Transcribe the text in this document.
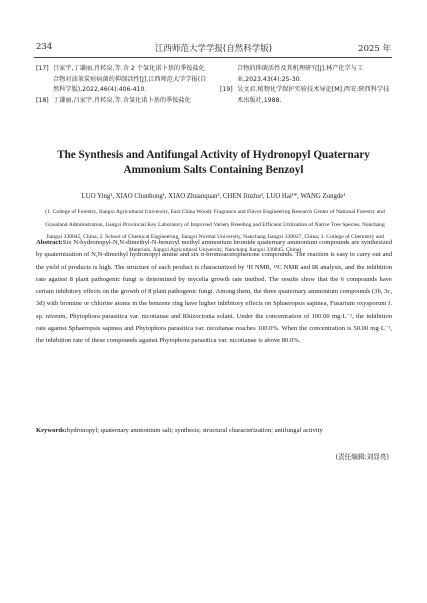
234	江西师范大学学报(自然科学版)	2025 年
[17] 吕家宇,丁谦丽,肖转泉,等.含 2 个氢化诺卜基的季铵盐化合物对油茶炭疽病菌的抑制活性[J].江西师范大学学报(自然科学版),2022,46(4):406-410.
[18] 丁谦丽,吕家宇,肖转泉,等.含氢化诺卜基的季铵盐化
合物的抑菌活性及其机理研究[J].林产化学与工业,2023,43(4):25-30.
[19] 吴文君.植物化学保护实验技术导论[M].西安:陕西科学技术出版社,1988.
The Synthesis and Antifungal Activity of Hydronopyl Quaternary Ammonium Salts Containing Benzoyl
LUO Ying¹, XIAO Chunhong¹, XIAO Zhuanquan², CHEN Jinzhu³, LUO Hai¹*, WANG Zongde¹
(1. College of Forestry, Jiangxi Agricultural University, East China Woody Fragrance and Flavor Engineering Research Center of National Forestry and Grassland Administration, Jiangxi Provincial Key Laboratory of Improved Variety Breeding and Efficient Utilization of Native Tree Species, Nanchang Jiangxi 330045, China; 2. School of Chemical Engineering, Jiangxi Normal University, Nanchang Jiangxi 330027, China; 3. College of Chemistry and Materials, Jiangxi Agricultural University, Nanchang Jiangxi 330045, China)
Abstract:Six N-hydronopyl-N,N-dimethyl-N-benzoyl methyl ammonium bromide quaternary ammonium compounds are synthesized by quaternization of N,N-dimethyl hydronopyl amine and six α-bromoacetophenone compounds. The reaction is easy to carry out and the yield of products is high. The structure of each product is characterized by ¹H NMR, ¹³C NMR and IR analysis, and the inhibition rate against 8 plant pathogenic fungi is determined by mycelia growth rate method. The results show that the 6 compounds have certain inhibitory effects on the growth of 8 plant pathogenic fungi. Among them, the three quaternary ammonium compounds (3b, 3c, 3d) with bromine or chlorine atoms in the benzene ring have higher inhibitory effects on Sphaeropsis sapinea, Fusarium oxysporum f. sp. niveum, Phytophora parasitica var. nicotianae and Rhizoctonia solani. Under the concentration of 100.00 mg·L⁻¹, the inhibition rate against Sphaeropsis sapinea and Phytophora parasitica var. nicotianae reaches 100.0%. When the concentration is 50.00 mg·L⁻¹, the inhibition rate of these compounds against Phytophora parasitica var. nicotianae is above 80.0%.
Keywords:hydronopyl; quaternary ammonium salt; synthesis; structural characterization; antifungal activity
(责任编辑:刘显亮)
